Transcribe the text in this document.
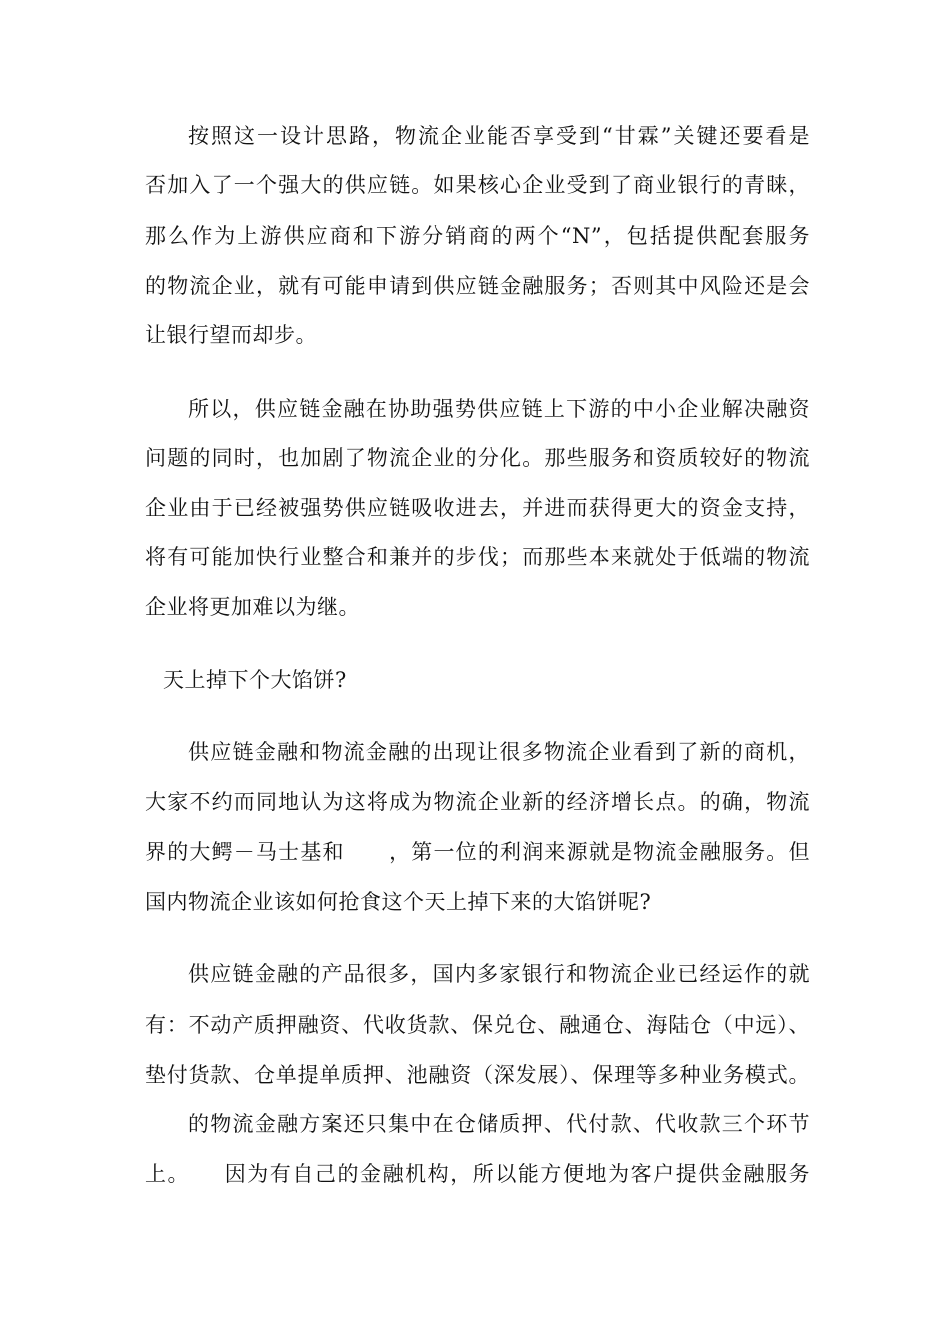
按照这一设计思路，物流企业能否享受到“甘霖”关键还要看是
否加入了一个强大的供应链。如果核心企业受到了商业银行的青睐，
那么作为上游供应商和下游分销商的两个“N”，包括提供配套服务
的物流企业，就有可能申请到供应链金融服务；否则其中风险还是会
让银行望而却步。
所以，供应链金融在协助强势供应链上下游的中小企业解决融资
问题的同时，也加剧了物流企业的分化。那些服务和资质较好的物流
企业由于已经被强势供应链吸收进去，并进而获得更大的资金支持，
将有可能加快行业整合和兼并的步伐；而那些本来就处于低端的物流
企业将更加难以为继。
天上掉下个大馅饼?
供应链金融和物流金融的出现让很多物流企业看到了新的商机，
大家不约而同地认为这将成为物流企业新的经济增长点。的确，物流
界的大鳄－马士基和　　，第一位的利润来源就是物流金融服务。但
国内物流企业该如何抢食这个天上掉下来的大馅饼呢?
供应链金融的产品很多，国内多家银行和物流企业已经运作的就
有：不动产质押融资、代收货款、保兑仓、融通仓、海陆仓（中远）、
垫付货款、仓单提单质押、池融资（深发展）、保理等多种业务模式。
的物流金融方案还只集中在仓储质押、代付款、代收款三个环节
上。　　因为有自己的金融机构，所以能方便地为客户提供金融服务
